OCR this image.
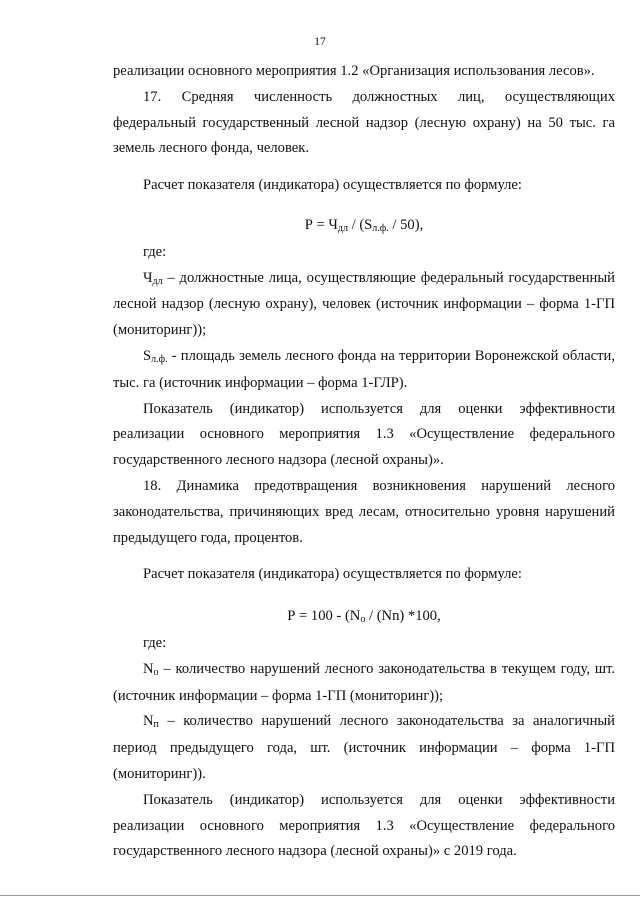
17

реализации основного мероприятия 1.2 «Организация использования лесов».

17. Средняя численность должностных лиц, осуществляющих федеральный государственный лесной надзор (лесную охрану) на 50 тыс. га земель лесного фонда, человек.

Расчет показателя (индикатора) осуществляется по формуле:

Р = Чдл / (Sл.ф. / 50),

где:

Чдл – должностные лица, осуществляющие федеральный государственный лесной надзор (лесную охрану), человек (источник информации – форма 1-ГП (мониторинг));

Sл.ф. - площадь земель лесного фонда на территории Воронежской области, тыс. га (источник информации – форма 1-ГЛР).

Показатель (индикатор) используется для оценки эффективности реализации основного мероприятия 1.3 «Осуществление федерального государственного лесного надзора (лесной охраны)».

18. Динамика предотвращения возникновения нарушений лесного законодательства, причиняющих вред лесам, относительно уровня нарушений предыдущего года, процентов.

Расчет показателя (индикатора) осуществляется по формуле:

Р = 100 - (Nо / (Nn) *100,

где:

Nо – количество нарушений лесного законодательства в текущем году, шт. (источник информации – форма 1-ГП (мониторинг));

Nп – количество нарушений лесного законодательства за аналогичный период предыдущего года, шт. (источник информации – форма 1-ГП (мониторинг)).

Показатель (индикатор) используется для оценки эффективности реализации основного мероприятия 1.3 «Осуществление федерального государственного лесного надзора (лесной охраны)» с 2019 года.
